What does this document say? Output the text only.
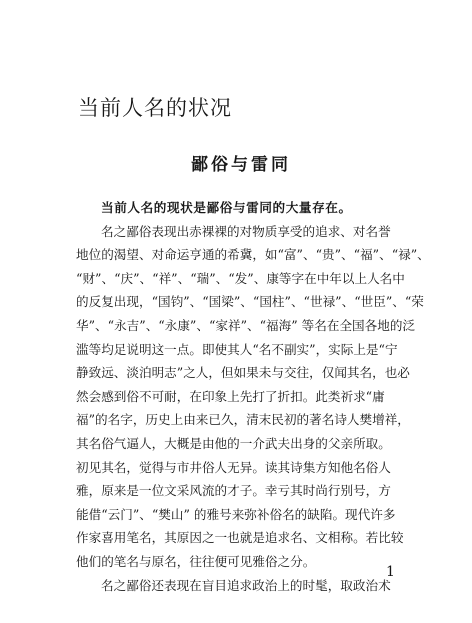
当前人名的状况
鄙俗与雷同
当前人名的现状是鄙俗与雷同的大量存在。
名之鄙俗表现出赤裸裸的对物质享受的追求、对名誉
地位的渴望、对命运亨通的希冀，如“富”、“贵”、“福”、“禄”、
“财”、“庆”、“祥”、“瑞”、“发”、康等字在中年以上人名中
的反复出现，“国钧”、“国梁”、“国柱”、“世禄”、“世臣”、“荣
华”、“永吉”、“永康”、“家祥”、“福海” 等名在全国各地的泛
滥等均足说明这一点。即使其人“名不副实”，实际上是“宁
静致远、淡泊明志”之人，但如果未与交往，仅闻其名，也必
然会感到俗不可耐，在印象上先打了折扣。此类祈求“庸
福”的名字，历史上由来已久，清末民初的著名诗人樊增祥，
其名俗气逼人，大概是由他的一介武夫出身的父亲所取。
初见其名，觉得与市井俗人无异。读其诗集方知他名俗人
雅，原来是一位文采风流的才子。幸亏其时尚行别号，方
能借“云门”、“樊山” 的雅号来弥补俗名的缺陷。现代许多
作家喜用笔名，其原因之一也就是追求名、文相称。若比较
他们的笔名与原名，往往便可见雅俗之分。
名之鄙俗还表现在盲目追求政治上的时髦，取政治术
1
